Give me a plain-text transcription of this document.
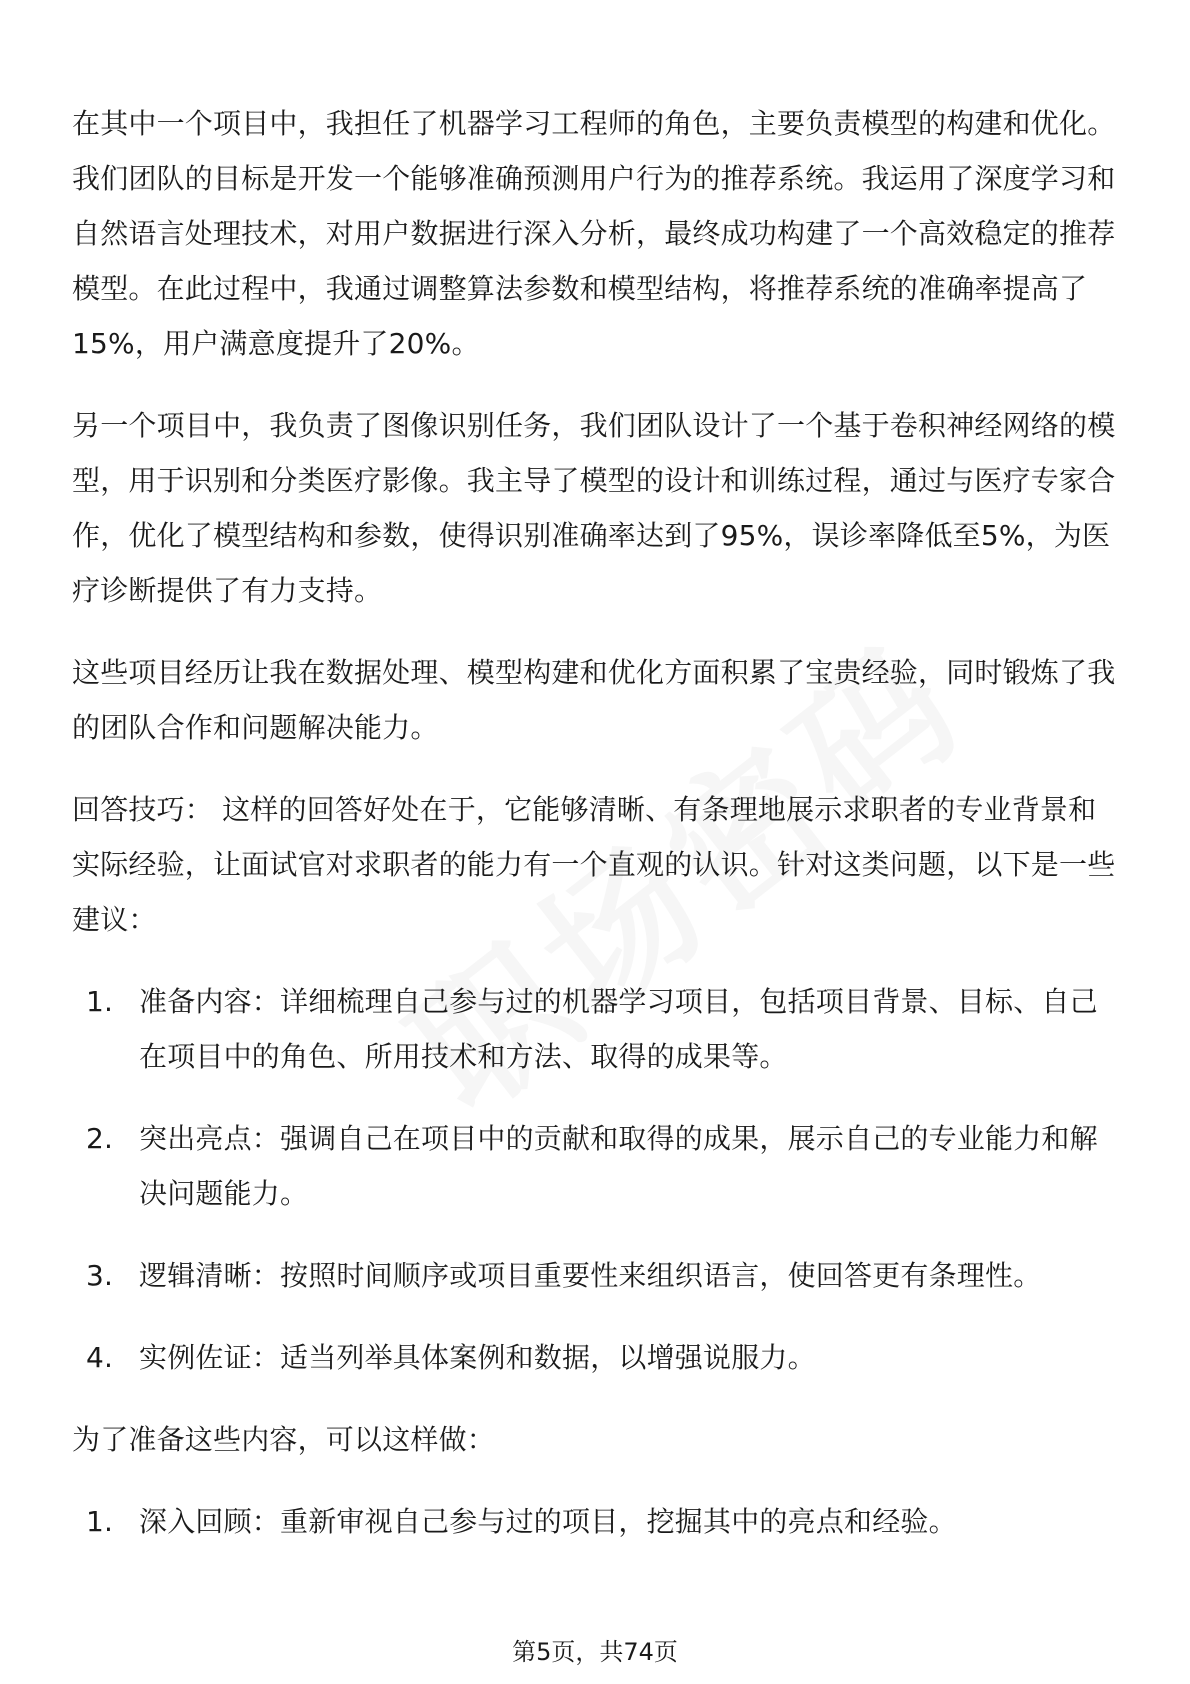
在其中一个项目中，我担任了机器学习工程师的角色，主要负责模型的构建和优化。我们团队的目标是开发一个能够准确预测用户行为的推荐系统。我运用了深度学习和自然语言处理技术，对用户数据进行深入分析，最终成功构建了一个高效稳定的推荐模型。在此过程中，我通过调整算法参数和模型结构，将推荐系统的准确率提高了15%，用户满意度提升了20%。

另一个项目中，我负责了图像识别任务，我们团队设计了一个基于卷积神经网络的模型，用于识别和分类医疗影像。我主导了模型的设计和训练过程，通过与医疗专家合作，优化了模型结构和参数，使得识别准确率达到了95%，误诊率降低至5%，为医疗诊断提供了有力支持。

这些项目经历让我在数据处理、模型构建和优化方面积累了宝贵经验，同时锻炼了我的团队合作和问题解决能力。

回答技巧： 这样的回答好处在于，它能够清晰、有条理地展示求职者的专业背景和实际经验，让面试官对求职者的能力有一个直观的认识。针对这类问题，以下是一些建议：

1. 准备内容：详细梳理自己参与过的机器学习项目，包括项目背景、目标、自己在项目中的角色、所用技术和方法、取得的成果等。
2. 突出亮点：强调自己在项目中的贡献和取得的成果，展示自己的专业能力和解决问题能力。
3. 逻辑清晰：按照时间顺序或项目重要性来组织语言，使回答更有条理性。
4. 实例佐证：适当列举具体案例和数据，以增强说服力。

为了准备这些内容，可以这样做：

1. 深入回顾：重新审视自己参与过的项目，挖掘其中的亮点和经验。
第5页，共74页
